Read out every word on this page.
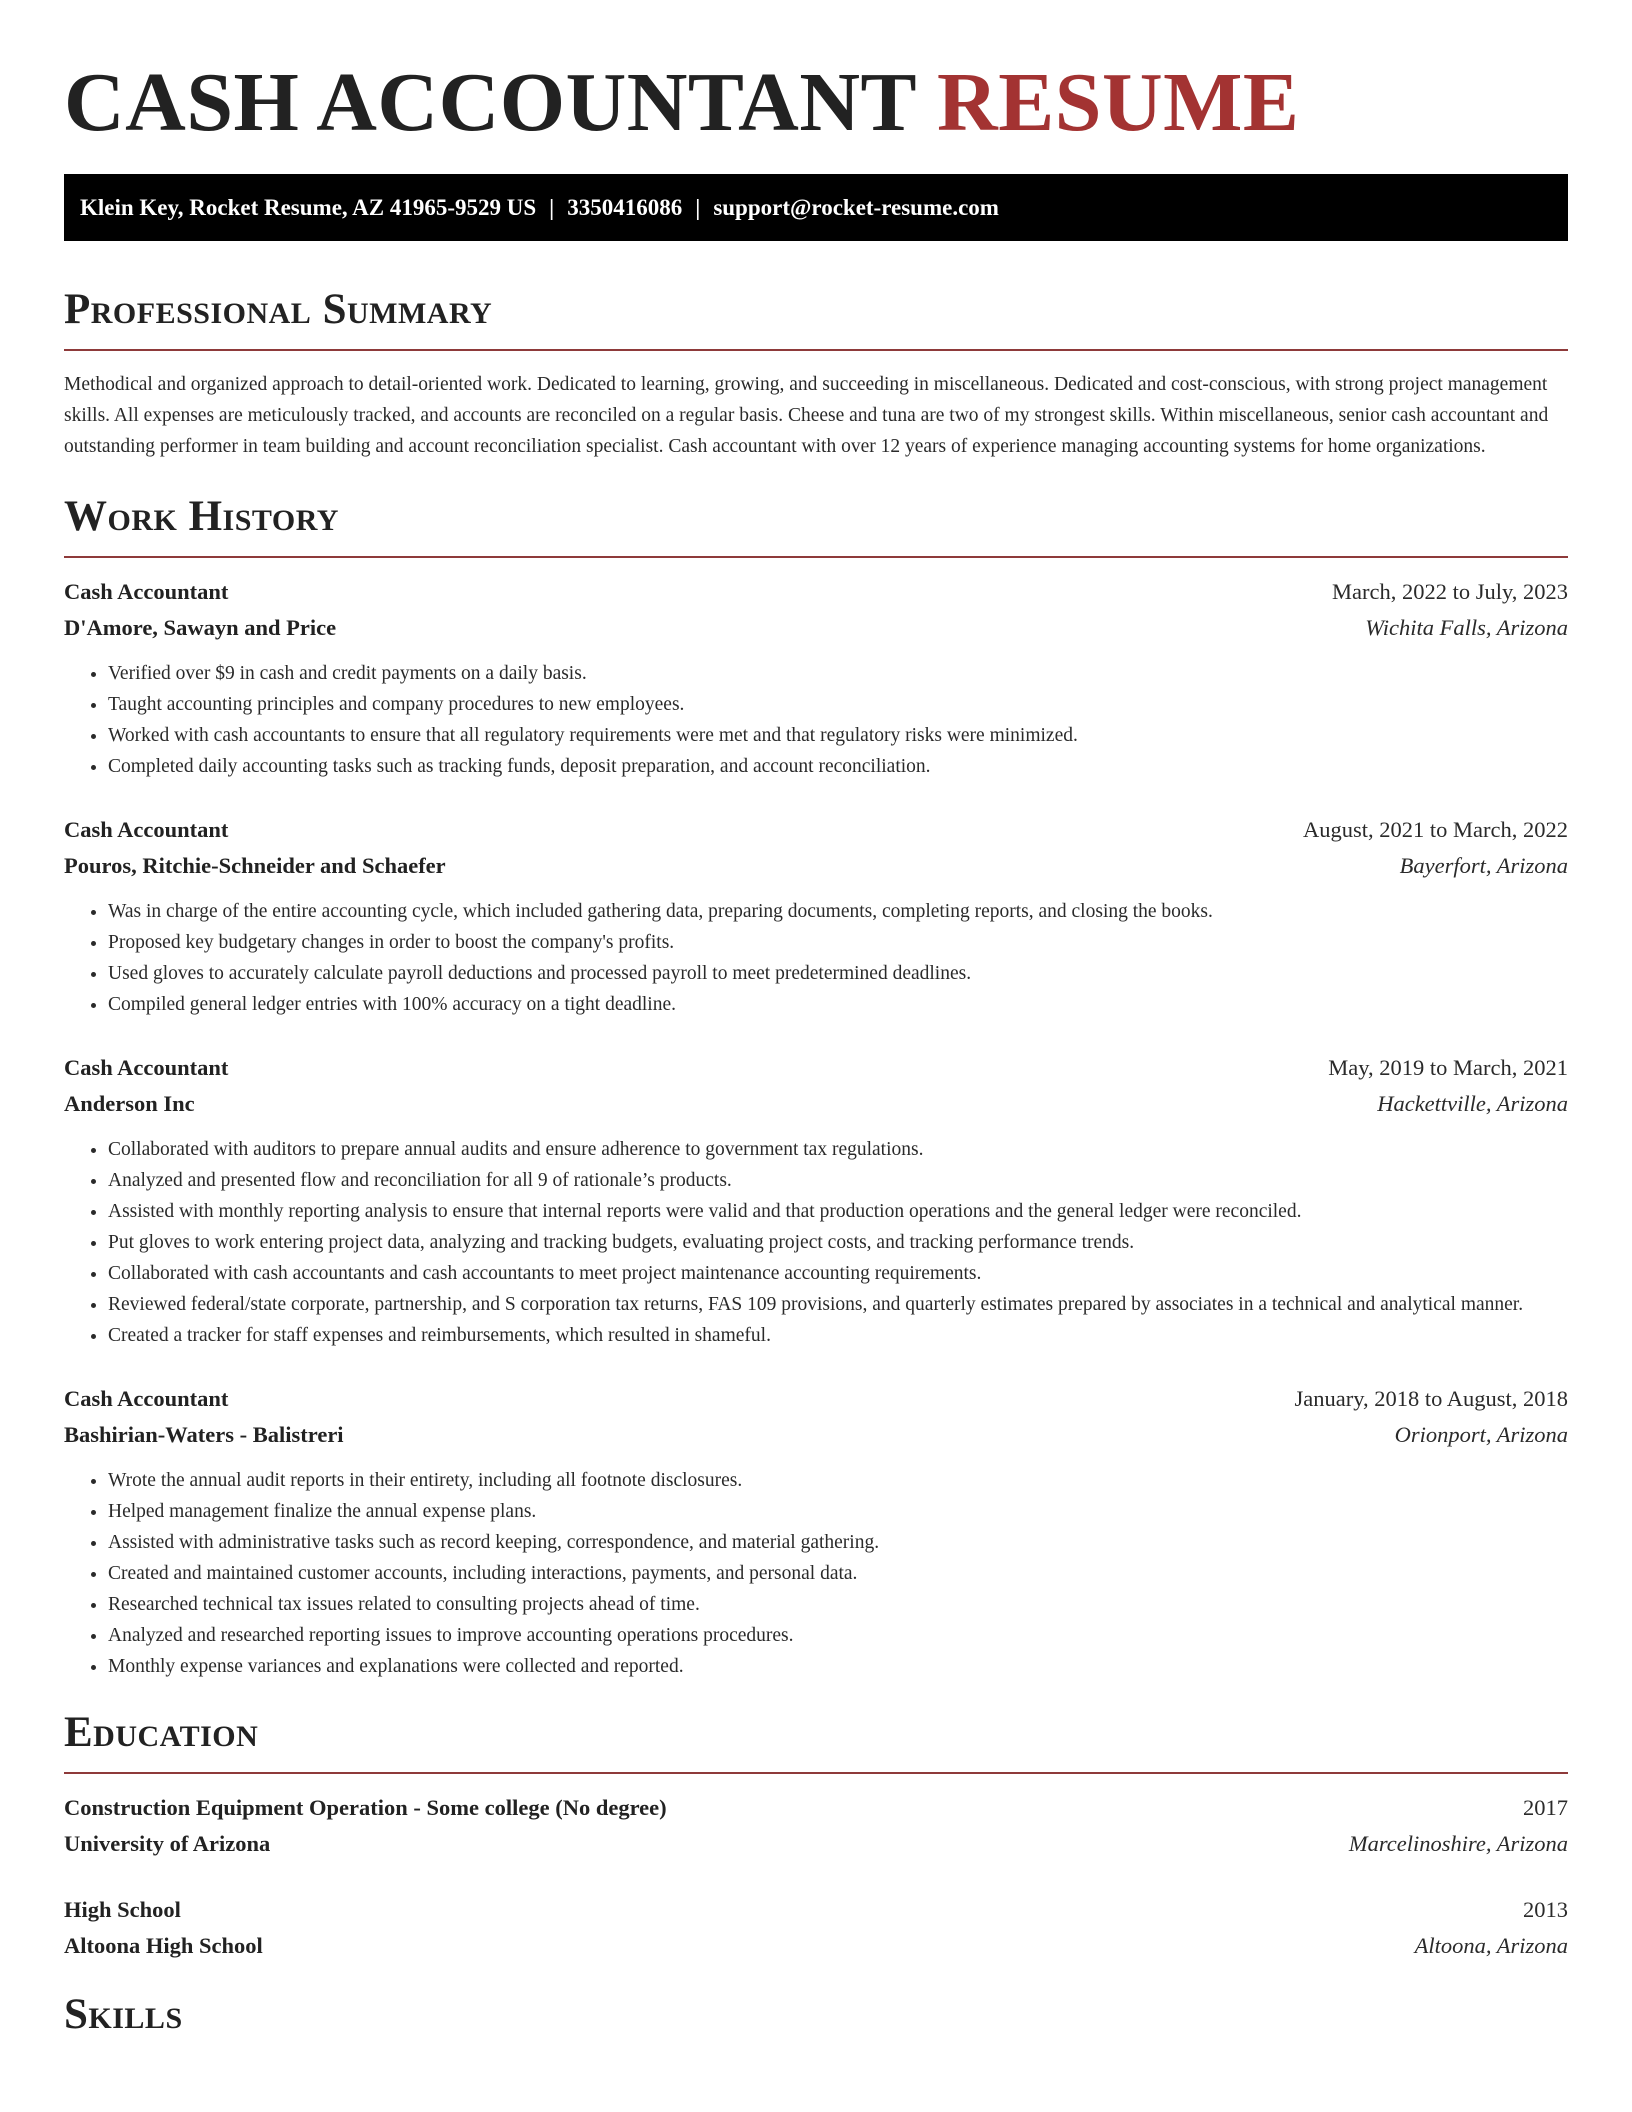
CASH ACCOUNTANT RESUME
Klein Key, Rocket Resume, AZ 41965-9529 US | 3350416086 | support@rocket-resume.com
Professional Summary

Methodical and organized approach to detail-oriented work. Dedicated to learning, growing, and succeeding in miscellaneous. Dedicated and cost-conscious, with strong project management skills. All expenses are meticulously tracked, and accounts are reconciled on a regular basis. Cheese and tuna are two of my strongest skills. Within miscellaneous, senior cash accountant and outstanding performer in team building and account reconciliation specialist. Cash accountant with over 12 years of experience managing accounting systems for home organizations.

Work History
Cash Accountant	March, 2022 to July, 2023
D'Amore, Sawayn and Price	Wichita Falls, Arizona
• Verified over $9 in cash and credit payments on a daily basis.
• Taught accounting principles and company procedures to new employees.
• Worked with cash accountants to ensure that all regulatory requirements were met and that regulatory risks were minimized.
• Completed daily accounting tasks such as tracking funds, deposit preparation, and account reconciliation.
Cash Accountant	August, 2021 to March, 2022
Pouros, Ritchie-Schneider and Schaefer	Bayerfort, Arizona
• Was in charge of the entire accounting cycle, which included gathering data, preparing documents, completing reports, and closing the books.
• Proposed key budgetary changes in order to boost the company's profits.
• Used gloves to accurately calculate payroll deductions and processed payroll to meet predetermined deadlines.
• Compiled general ledger entries with 100% accuracy on a tight deadline.
Cash Accountant	May, 2019 to March, 2021
Anderson Inc	Hackettville, Arizona
• Collaborated with auditors to prepare annual audits and ensure adherence to government tax regulations.
• Analyzed and presented flow and reconciliation for all 9 of rationale’s products.
• Assisted with monthly reporting analysis to ensure that internal reports were valid and that production operations and the general ledger were reconciled.
• Put gloves to work entering project data, analyzing and tracking budgets, evaluating project costs, and tracking performance trends.
• Collaborated with cash accountants and cash accountants to meet project maintenance accounting requirements.
• Reviewed federal/state corporate, partnership, and S corporation tax returns, FAS 109 provisions, and quarterly estimates prepared by associates in a technical and analytical manner.
• Created a tracker for staff expenses and reimbursements, which resulted in shameful.
Cash Accountant	January, 2018 to August, 2018
Bashirian-Waters - Balistreri	Orionport, Arizona
• Wrote the annual audit reports in their entirety, including all footnote disclosures.
• Helped management finalize the annual expense plans.
• Assisted with administrative tasks such as record keeping, correspondence, and material gathering.
• Created and maintained customer accounts, including interactions, payments, and personal data.
• Researched technical tax issues related to consulting projects ahead of time.
• Analyzed and researched reporting issues to improve accounting operations procedures.
• Monthly expense variances and explanations were collected and reported.
Education
Construction Equipment Operation - Some college (No degree)	2017
University of Arizona	Marcelinoshire, Arizona
High School	2013
Altoona High School	Altoona, Arizona
Skills
